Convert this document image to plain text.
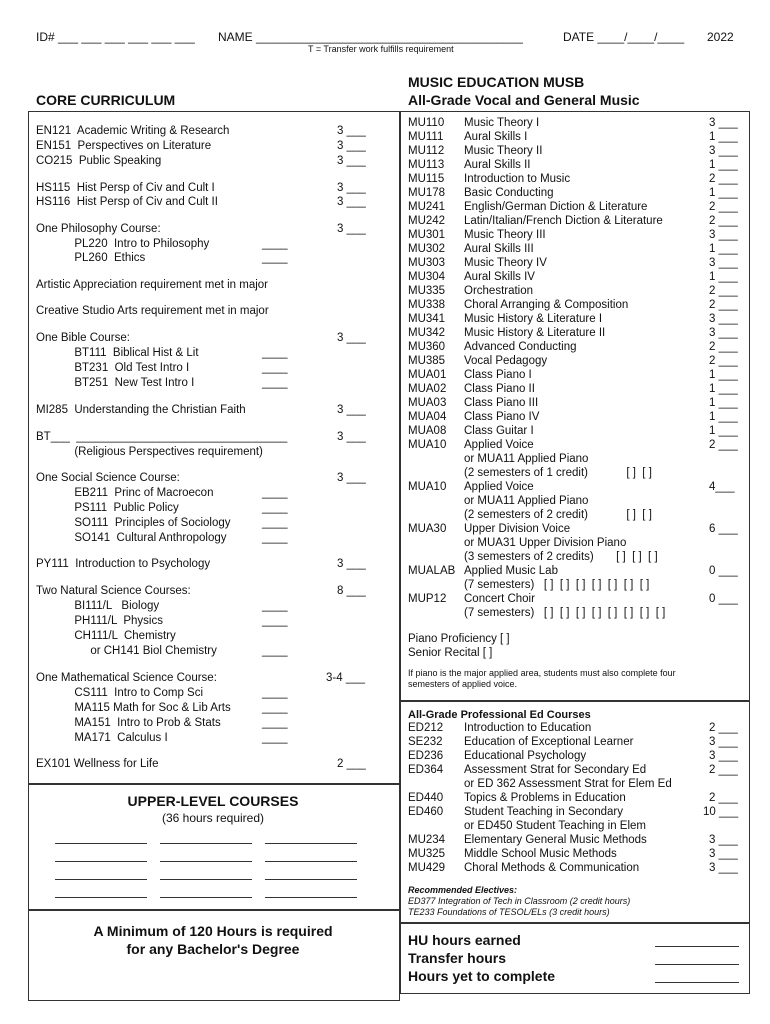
ID# ___ ___ ___ ___ ___ ___ NAME ________________________________________	DATE ____/____/____ 2022
T = Transfer work fulfills requirement
CORE CURRICULUM
EN121  Academic Writing & Research	3 ___
EN151  Perspectives on Literature	3 ___
CO215  Public Speaking	3 ___
HS115  Hist Persp of Civ and Cult I	3 ___
HS116  Hist Persp of Civ and Cult II	3 ___
One Philosophy Course:	3 ___
PL220  Intro to Philosophy	____
PL260  Ethics	____
Artistic Appreciation requirement met in major
Creative Studio Arts requirement met in major
One Bible Course:	3 ___
BT111  Biblical Hist & Lit	____
BT231  Old Test Intro I	____
BT251  New Test Intro I	____
MI285  Understanding the Christian Faith	3 ___
BT___  _________________________________	3 ___
(Religious Perspectives requirement)
One Social Science Course:	3 ___
EB211  Princ of Macroecon	____
PS111  Public Policy	____
SO111  Principles of Sociology	____
SO141  Cultural Anthropology	____
PY111  Introduction to Psychology	3 ___
Two Natural Science Courses:	8 ___
BI111/L   Biology	____
PH111/L  Physics	____
CH111/L  Chemistry
or CH141 Biol Chemistry	____
One Mathematical Science Course:	3-4 ___
CS111  Intro to Comp Sci	____
MA115 Math for Soc & Lib Arts	____
MA151  Intro to Prob & Stats	____
MA171  Calculus I	____
EX101 Wellness for Life	2 ___
UPPER-LEVEL COURSES
(36 hours required)
A Minimum of 120 Hours is required
for any Bachelor's Degree
MUSIC EDUCATION MUSB
All-Grade Vocal and General Music
MU110 Music Theory I	3 ___
MU111 Aural Skills I	1 ___
MU112 Music Theory II	3 ___
MU113 Aural Skills II	1 ___
MU115 Introduction to Music	2 ___
MU178 Basic Conducting	1 ___
MU241 English/German Diction & Literature	2 ___
MU242 Latin/Italian/French Diction & Literature	2 ___
MU301 Music Theory III	3 ___
MU302 Aural Skills III	1 ___
MU303 Music Theory IV	3 ___
MU304 Aural Skills IV	1 ___
MU335 Orchestration	2 ___
MU338 Choral Arranging & Composition	2 ___
MU341 Music History & Literature I	3 ___
MU342 Music History & Literature II	3 ___
MU360 Advanced Conducting	2 ___
MU385 Vocal Pedagogy	2 ___
MUA01 Class Piano I	1 ___
MUA02 Class Piano II	1 ___
MUA03 Class Piano III	1 ___
MUA04 Class Piano IV	1 ___
MUA08 Class Guitar I	1 ___
MUA10 Applied Voice	2 ___
or MUA11 Applied Piano
(2 semesters of 1 credit)            [ ]  [ ]
MUA10 Applied Voice	4___
or MUA11 Applied Piano
(2 semesters of 2 credit)            [ ]  [ ]
MUA30 Upper Division Voice	6 ___
or MUA31 Upper Division Piano
(3 semesters of 2 credits)       [ ]  [ ]  [ ]
MUALAB Applied Music Lab	0 ___
(7 semesters)   [ ]  [ ]  [ ]  [ ]  [ ]  [ ]  [ ]
MUP12 Concert Choir	0 ___
(7 semesters)   [ ]  [ ]  [ ]  [ ]  [ ]  [ ]  [ ]  [ ]
Piano Proficiency [ ]
Senior Recital [ ]
If piano is the major applied area, students must also complete four semesters of applied voice.
All-Grade Professional Ed Courses
ED212 Introduction to Education	2 ___
SE232 Education of Exceptional Learner	3 ___
ED236 Educational Psychology	3 ___
ED364 Assessment Strat for Secondary Ed	2 ___
or ED 362 Assessment Strat for Elem Ed
ED440 Topics & Problems in Education	2 ___
ED460 Student Teaching in Secondary	10 ___
or ED450 Student Teaching in Elem
MU234 Elementary General Music Methods	3 ___
MU325 Middle School Music Methods	3 ___
MU429 Choral Methods & Communication	3 ___
Recommended Electives:
ED377 Integration of Tech in Classroom (2 credit hours)
TE233 Foundations of TESOL/ELs (3 credit hours)
HU hours earned
Transfer hours
Hours yet to complete
